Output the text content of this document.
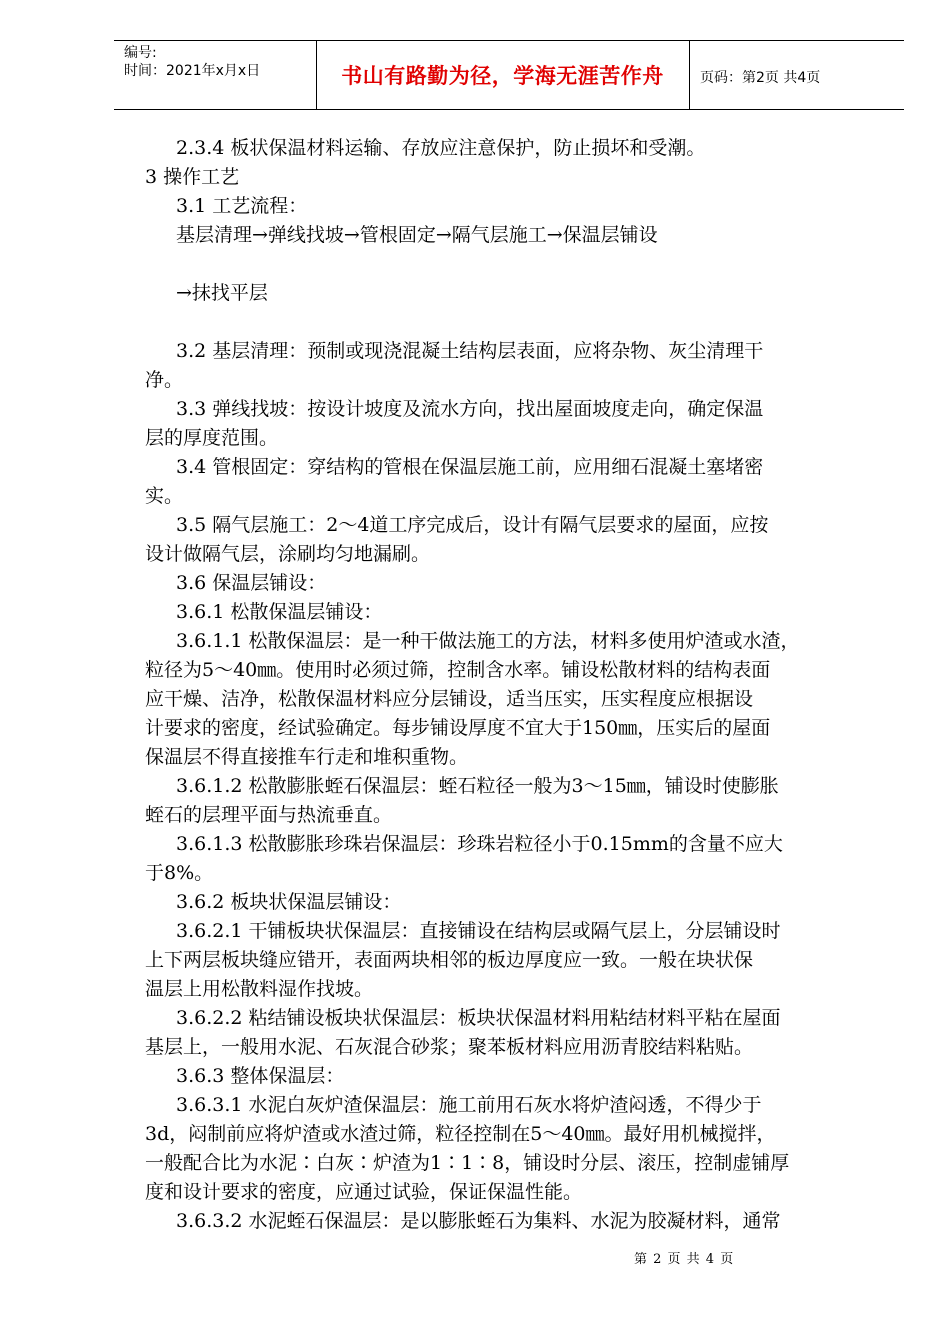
编号:
时间：2021年x月x日	书山有路勤为径，学海无涯苦作舟	页码：第2页 共4页
2.3.4 板状保温材料运输、存放应注意保护，防止损坏和受潮。
3 操作工艺
3.1 工艺流程：
基层清理→弹线找坡→管根固定→隔气层施工→保温层铺设
→抹找平层
3.2 基层清理：预制或现浇混凝土结构层表面，应将杂物、灰尘清理干
净。
3.3 弹线找坡：按设计坡度及流水方向，找出屋面坡度走向，确定保温
层的厚度范围。
3.4 管根固定：穿结构的管根在保温层施工前，应用细石混凝土塞堵密
实。
3.5 隔气层施工：2～4道工序完成后，设计有隔气层要求的屋面，应按
设计做隔气层，涂刷均匀地漏刷。
3.6 保温层铺设：
3.6.1 松散保温层铺设：
3.6.1.1 松散保温层：是一种干做法施工的方法，材料多使用炉渣或水渣，
粒径为5～40㎜。使用时必须过筛，控制含水率。铺设松散材料的结构表面
应干燥、洁净，松散保温材料应分层铺设，适当压实，压实程度应根据设
计要求的密度，经试验确定。每步铺设厚度不宜大于150㎜，压实后的屋面
保温层不得直接推车行走和堆积重物。
3.6.1.2 松散膨胀蛭石保温层：蛭石粒径一般为3～15㎜，铺设时使膨胀
蛭石的层理平面与热流垂直。
3.6.1.3 松散膨胀珍珠岩保温层：珍珠岩粒径小于0.15mm的含量不应大
于8%。
3.6.2 板块状保温层铺设：
3.6.2.1 干铺板块状保温层：直接铺设在结构层或隔气层上，分层铺设时
上下两层板块缝应错开，表面两块相邻的板边厚度应一致。一般在块状保
温层上用松散料湿作找坡。
3.6.2.2 粘结铺设板块状保温层：板块状保温材料用粘结材料平粘在屋面
基层上，一般用水泥、石灰混合砂浆；聚苯板材料应用沥青胶结料粘贴。
3.6.3 整体保温层：
3.6.3.1 水泥白灰炉渣保温层：施工前用石灰水将炉渣闷透，不得少于
3d，闷制前应将炉渣或水渣过筛，粒径控制在5～40㎜。最好用机械搅拌，
一般配合比为水泥∶白灰∶炉渣为1∶1∶8，铺设时分层、滚压，控制虚铺厚
度和设计要求的密度，应通过试验，保证保温性能。
3.6.3.2 水泥蛭石保温层：是以膨胀蛭石为集料、水泥为胶凝材料，通常
第 2 页 共 4 页
